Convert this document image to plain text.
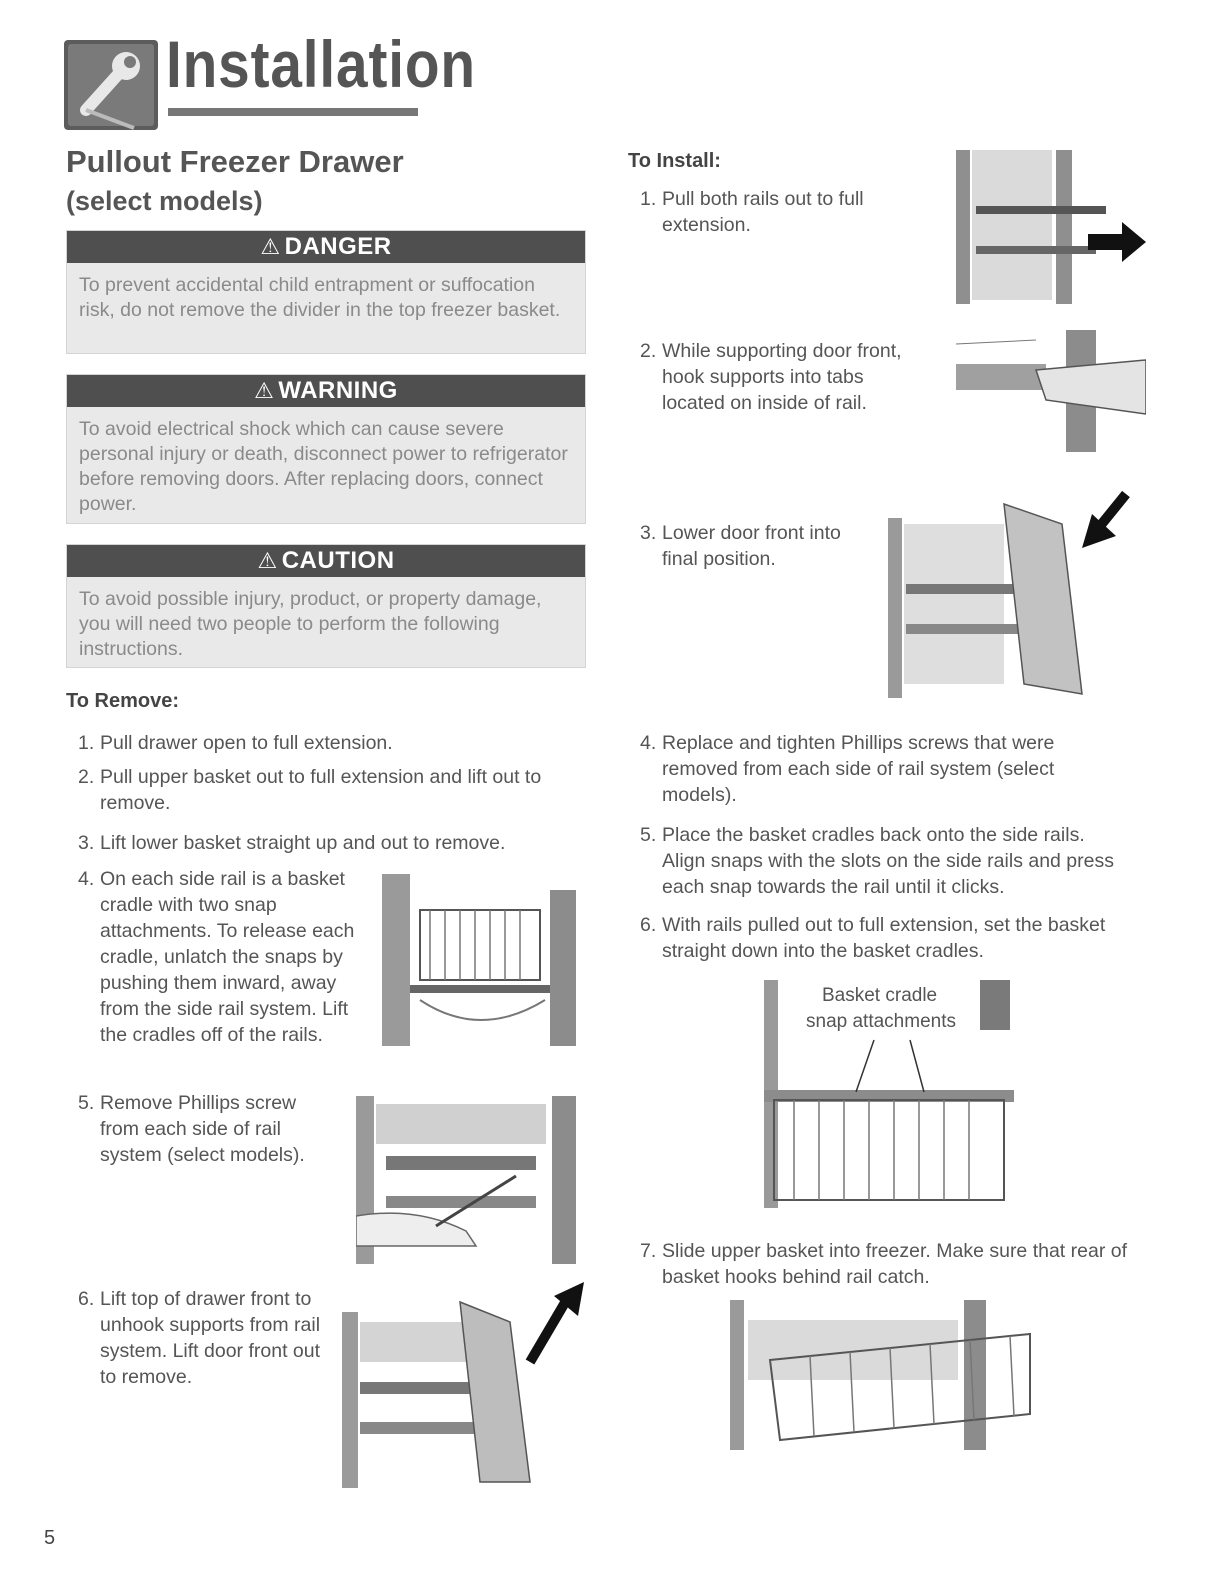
Installation
Pullout Freezer Drawer
(select models)
⚠ DANGER
To prevent accidental child entrapment or suffocation risk, do not remove the divider in the top freezer basket.
⚠ WARNING
To avoid electrical shock which can cause severe personal injury or death, disconnect power to refrigerator before removing doors. After replacing doors, connect power.
⚠ CAUTION
To avoid possible injury, product, or property damage, you will need two people to perform the following instructions.
To Remove:
1. Pull drawer open to full extension.
2. Pull upper basket out to full extension and lift out to remove.
3. Lift lower basket straight up and out to remove.
4. On each side rail is a basket cradle with two snap attachments. To release each cradle, unlatch the snaps by pushing them inward, away from the side rail system. Lift the cradles off of the rails.
5. Remove Phillips screw from each side of rail system (select models).
6. Lift top of drawer front to unhook supports from rail system. Lift door front out to remove.
To Install:
1. Pull both rails out to full extension.
2. While supporting door front, hook supports into tabs located on inside of rail.
3. Lower door front into final position.
4. Replace and tighten Phillips screws that were removed from each side of rail system (select models).
5. Place the basket cradles back onto the side rails. Align snaps with the slots on the side rails and press each snap towards the rail until it clicks.
6. With rails pulled out to full extension, set the basket straight down into the basket cradles.
7. Slide upper basket into freezer. Make sure that rear of basket hooks behind rail catch.
Basket cradle
snap attachments
5
